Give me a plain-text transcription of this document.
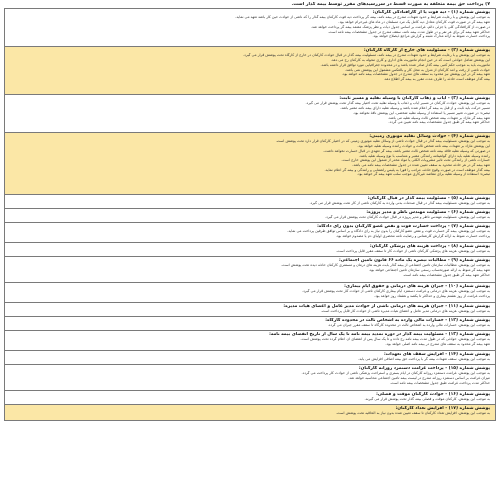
۷) پرداخت حق بیمه متعلقه به صورت قسط در سررسیدهای مقرر توسط بیمه گذار است.
پوشش شماره (۱) - دیه فوت یا از کارافتادگی کارکنان:
به موجب این پوشش و با رعایت شرایط و حدود تعهدات مندرج در بیمه نامه، بیمه گر پرداخت دیه فوت کارکنان بیمه گذار را که ناشی از حوادث حین کار باشد تعهد می نماید.
تعهد بیمه گر در صورت فوت کارکنان معادل دیه کامل یک مرد مسلمان در ماه های غیرحرام خواهد بود.
در صورت از کارافتادگی کلی یا جزئی دائم، غرامت بر اساس جدول دیات و نظر پزشک معتمد بیمه گر پرداخت خواهد شد.
حداکثر تعهد بیمه گر برای هر نفر و در طول مدت بیمه نامه، سقف مندرج در جدول مشخصات بیمه نامه است.
پرداخت خسارت منوط به ارائه مدارک مثبته و گزارش مراجع ذیصلاح خواهد بود.
پوشش شماره (۲) - مسئولیت های خارج از کارگاه کارکنان:
به موجب این پوشش و با رعایت شرایط و حدود تعهدات مندرج در بیمه نامه، مسئولیت بیمه گذار در قبال حوادث کارکنان در خارج از کارگاه تحت پوشش قرار می گیرد.
این پوشش شامل حوادثی است که در حین انجام ماموریت های اداری و کاری محوله به کارکنان رخ می دهد.
ماموریت باید به موجب حکم کتبی بیمه گذار صادر شده باشد و در محدوده جغرافیایی مورد توافق قرار داشته باشد.
حوادث ناشی از رفت و آمد کارکنان از منزل به محل کار و بالعکس مشمول این پوشش نمی باشد.
تعهد بیمه گر در این پوشش نیز محدود به سقف های مندرج در جدول مشخصات بیمه نامه خواهد بود.
بیمه گذار موظف است حادثه را ظرف مدت مقرر به بیمه گر اطلاع دهد.
پوشش شماره (۳) - ایاب و ذهاب کارکنان با وسیله نقلیه و مسیر ثابت:
به موجب این پوشش، حوادث کارکنان در مسیر ایاب و ذهاب با وسیله نقلیه تحت اختیار بیمه گذار تحت پوشش قرار می گیرد.
مسیر حرکت باید ثابت و از قبل به بیمه گر اعلام شده باشد و وسیله نقلیه دارای بیمه نامه معتبر باشد.
تبصره: در صورت تغییر مسیر یا استفاده از وسیله نقلیه شخصی، این پوشش نافذ نخواهد بود.
تعهد بیمه گر مازاد بر تعهدات بیمه شخص ثالث وسیله نقلیه می باشد.
حداکثر تعهد بیمه گر طبق جدول مشخصات بیمه نامه تعیین می گردد.
پوشش شماره (۴) - حوادث وسائل نقلیه موتوری زمینی:
به موجب این پوشش، مسئولیت بیمه گذار در قبال حوادث ناشی از وسائل نقلیه موتوری زمینی که در اختیار کارکنان قرار دارد تحت پوشش است.
این پوشش مازاد بر تعهدات بیمه نامه شخص ثالث و حوادث راننده وسیله نقلیه خواهد بود.
در صورتی که وسیله نقلیه فاقد بیمه نامه شخص ثالث معتبر باشد، بیمه گر تعهدی در قبال خسارت نخواهد داشت.
راننده وسیله نقلیه باید دارای گواهینامه رانندگی معتبر و متناسب با نوع وسیله نقلیه باشد.
خسارات ناشی از رانندگی تحت تاثیر مشروبات الکلی یا مواد مخدر از شمول این پوشش خارج است.
تعهد بیمه گر در هر حادثه محدود به سقف تعیین شده در جدول مشخصات بیمه نامه می باشد.
بیمه گذار موظف است در صورت وقوع حادثه، مراتب را فوراً به پلیس راهنمایی و رانندگی و بیمه گر اعلام نماید.
تبصره: استفاده از وسیله نقلیه برای مقاصد غیرکاری موجب سلب تعهد بیمه گر خواهد بود.
پوشش شماره (۵) - مسئولیت بیمه گذار در قبال کارکنان:
به موجب این پوشش، مسئولیت بیمه گذار در قبال صدمات بدنی وارده به کارکنان ناشی از کار تحت پوشش قرار می گیرد.
پوشش شماره (۶) - مسئولیت مهندس ناظر و مدیر پروژه:
به موجب این پوشش، مسئولیت مهندس ناظر و مدیر پروژه در قبال حوادث کارکنان تحت پوشش قرار می گیرد.
پوشش شماره (۷) - پرداخت خسارت فوت و نقص عضو کارکنان بدون رای دادگاه:
به موجب این پوشش، بیمه گر خسارت فوت و نقص عضو کارکنان را بدون نیاز به رای دادگاه و بر اساس توافق طرفین پرداخت می نماید.
پرداخت خسارت منوط به ارائه گزارش کارشناس و رضایت نامه محضری اولیای دم یا مصدوم خواهد بود.
پوشش شماره (۸) - پرداخت هزینه های پزشکی کارکنان:
به موجب این پوشش، هزینه های پزشکی کارکنان ناشی از حوادث کار تا سقف مقرر قابل پرداخت است.
پوشش شماره (۹) - مطالبات تبصره یک ماده ۶۶ قانون تامین اجتماعی:
به موجب این پوشش، مطالبات سازمان تامین اجتماعی از بیمه گذار بابت هزینه های درمان و مستمری کارکنان حادثه دیده تحت پوشش است.
تعهد بیمه گر منوط به ارائه صورتحساب رسمی سازمان تامین اجتماعی خواهد بود.
حداکثر تعهد بیمه گر طبق جدول مشخصات بیمه نامه است.
پوشش شماره (۱۰) - جبران هزینه های درمانی و حقوق ایام بیماری:
به موجب این پوشش، هزینه های درمانی و غرامت دستمزد ایام بیماری کارکنان ناشی از حوادث کار تحت پوشش قرار می گیرد.
پرداخت غرامت از روز هشتم بیماری و حداکثر تا یکصد و هشتاد روز خواهد بود.
پوشش شماره (۱۱) - جبران هزینه های درمانی ناشی از حوادث مدیر عامل و اعضای هیات مدیره:
به موجب این پوشش، هزینه های درمانی مدیر عامل و اعضای هیات مدیره ناشی از حوادث کار قابل پرداخت است.
پوشش شماره (۱۲) - خسارات مالی وارده به اشخاص ثالث در محدوده کارگاه:
به موجب این پوشش، خسارات مالی وارده به اشخاص ثالث در محدوده کارگاه تا سقف مقرر جبران می گردد.
پوشش شماره (۱۳) - مسئولیت بیمه گذار در دوره تمدید بیمه نامه تا یک سال از تاریخ انقضای بیمه نامه:
به موجب این پوشش، حوادثی که در طول مدت بیمه نامه رخ داده و تا یک سال پس از انقضای آن اعلام گردد تحت پوشش است.
تعهد بیمه گر محدود به سقف های مندرج در بیمه نامه اصلی خواهد بود.
پوشش شماره (۱۴) - افزایش سقف های تعهدات:
به موجب این پوشش، سقف تعهدات بیمه گر با پرداخت حق بیمه اضافی افزایش می یابد.
پوشش شماره (۱۵) - پرداخت غرامت دستمزد روزانه کارکنان:
به موجب این پوشش، غرامت دستمزد روزانه کارکنان در ایام بستری و استراحت پزشکی ناشی از حوادث کار پرداخت می گردد.
میزان غرامت بر اساس دستمزد روزانه مندرج در لیست بیمه تامین اجتماعی محاسبه خواهد شد.
حداکثر مدت پرداخت غرامت طبق جدول مشخصات بیمه نامه است.
پوشش شماره (۱۶) - حوادث کارکنان موقت و فصلی:
به موجب این پوشش، کارکنان موقت و فصلی بیمه گذار تحت پوشش قرار می گیرند.
پوشش شماره (۱۷) - افزایش تعداد کارکنان:
به موجب این پوشش، افزایش تعداد کارکنان تا سقف تعیین شده بدون نیاز به الحاقیه تحت پوشش است.
